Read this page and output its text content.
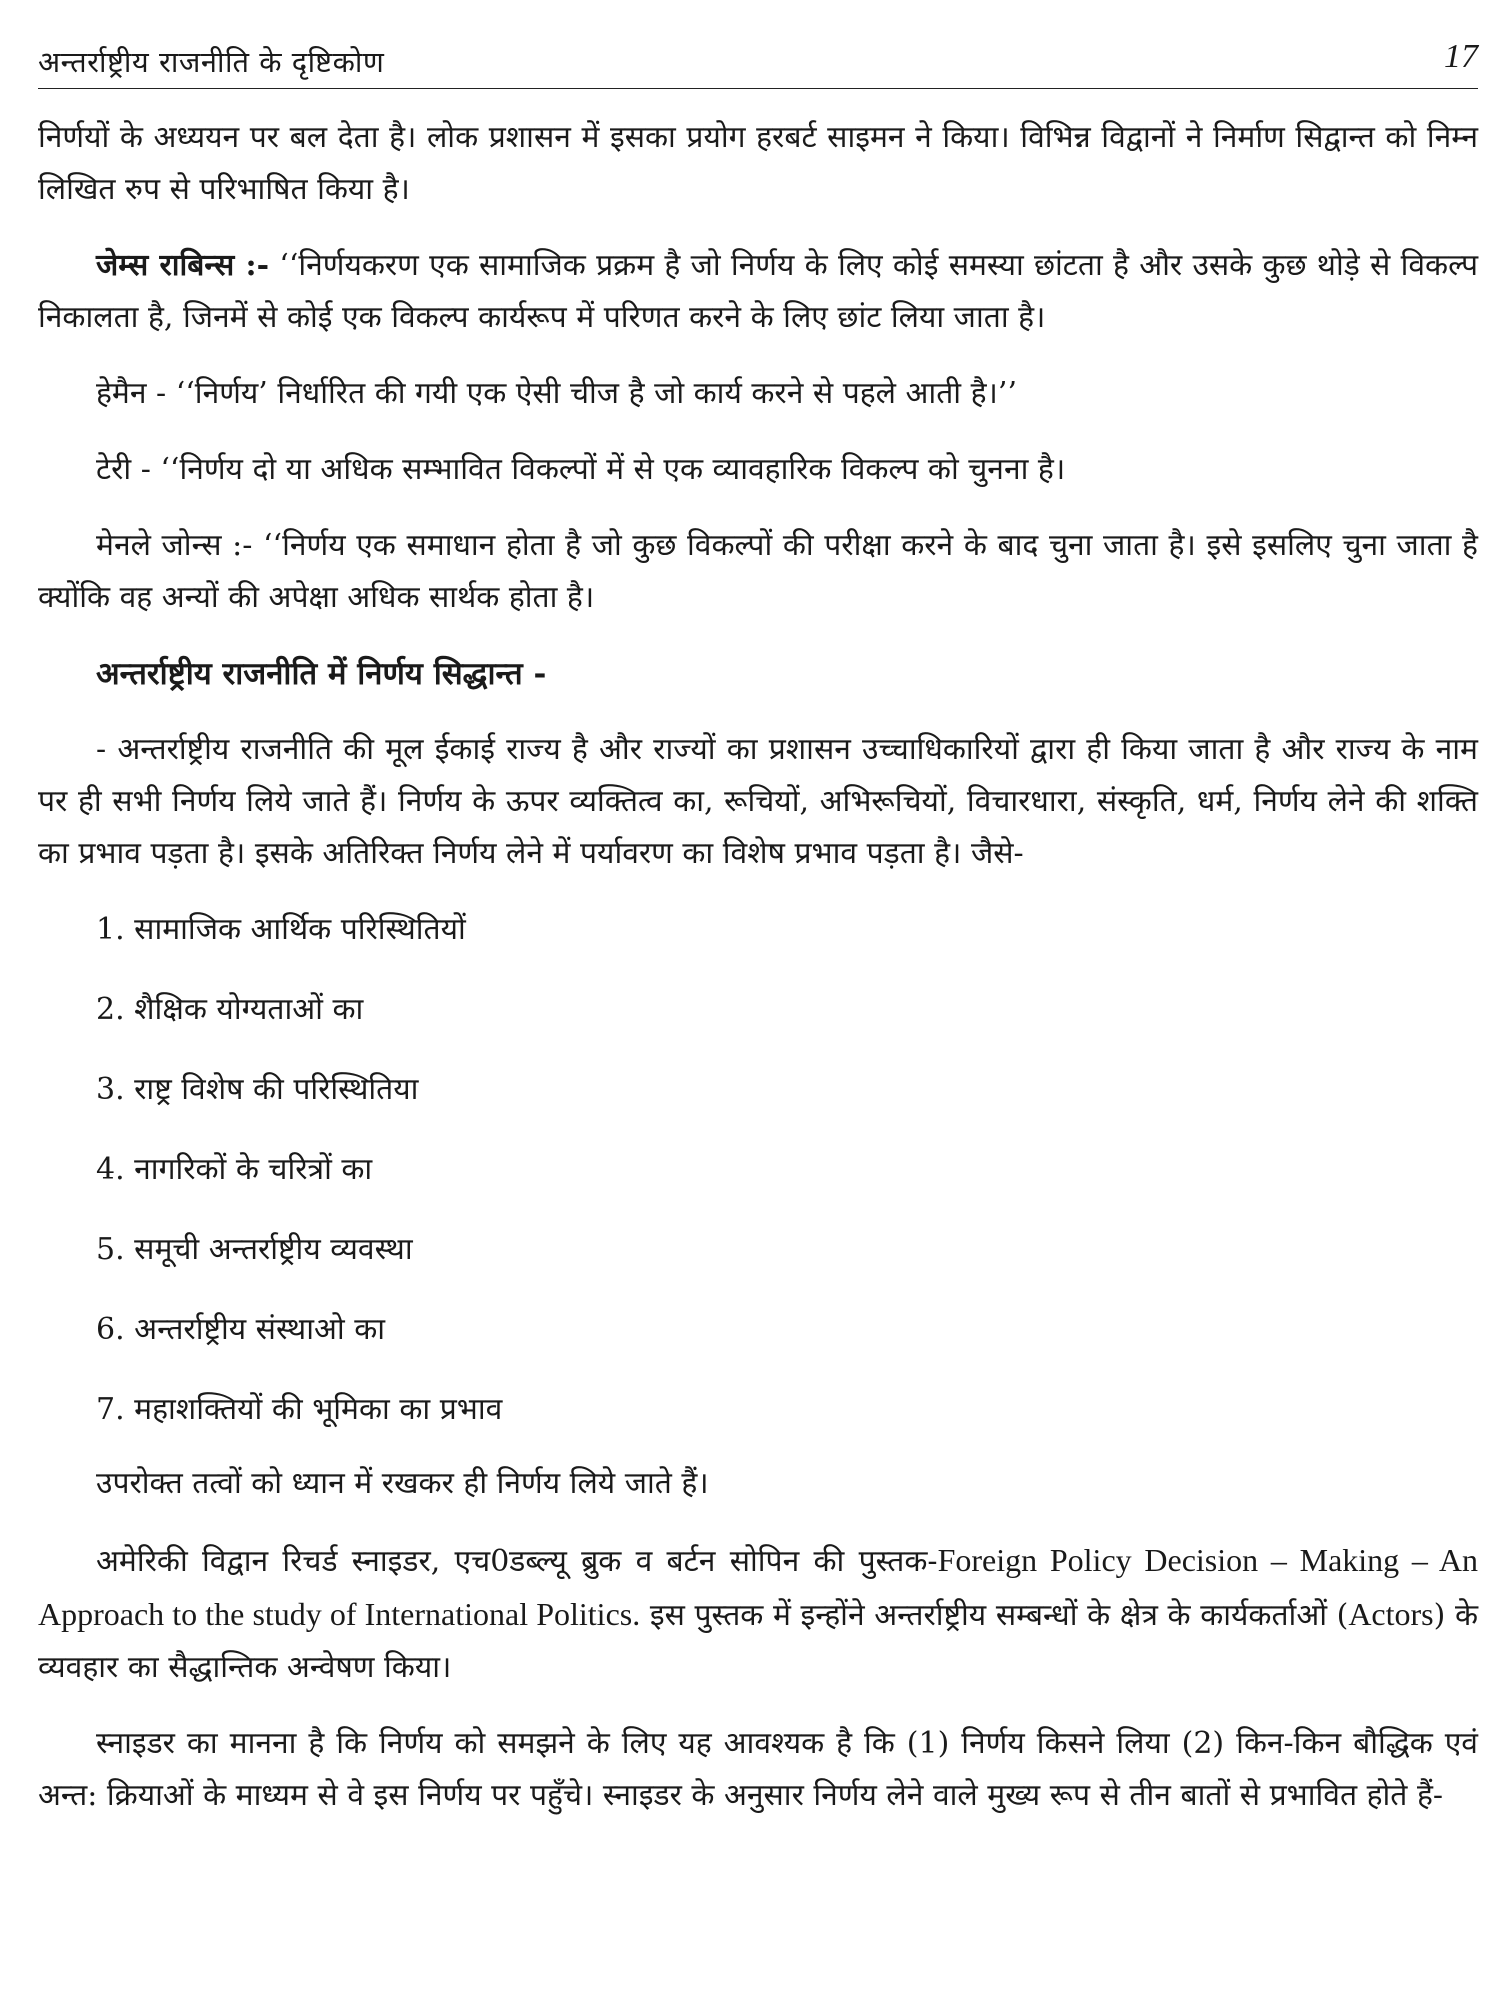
अन्तर्राष्ट्रीय राजनीति के दृष्टिकोण	17

निर्णयों के अध्ययन पर बल देता है। लोक प्रशासन में इसका प्रयोग हरबर्ट साइमन ने किया। विभिन्न विद्वानों ने निर्माण सिद्वान्त को निम्न लिखित रुप से परिभाषित किया है।

जेम्स राबिन्स :- ‘‘निर्णयकरण एक सामाजिक प्रक्रम है जो निर्णय के लिए कोई समस्या छांटता है और उसके कुछ थोड़े से विकल्प निकालता है, जिनमें से कोई एक विकल्प कार्यरूप में परिणत करने के लिए छांट लिया जाता है।

हेमैन - ‘‘निर्णय’ निर्धारित की गयी एक ऐसी चीज है जो कार्य करने से पहले आती है।’’

टेरी - ‘‘निर्णय दो या अधिक सम्भावित विकल्पों में से एक व्यावहारिक विकल्प को चुनना है।

मेनले जोन्स :- ‘‘निर्णय एक समाधान होता है जो कुछ विकल्पों की परीक्षा करने के बाद चुना जाता है। इसे इसलिए चुना जाता है क्योंकि वह अन्यों की अपेक्षा अधिक सार्थक होता है।

अन्तर्राष्ट्रीय राजनीति में निर्णय सिद्धान्त -

- अन्तर्राष्ट्रीय राजनीति की मूल ईकाई राज्य है और राज्यों का प्रशासन उच्चाधिकारियों द्वारा ही किया जाता है और राज्य के नाम पर ही सभी निर्णय लिये जाते हैं। निर्णय के ऊपर व्यक्तित्व का, रूचियों, अभिरूचियों, विचारधारा, संस्कृति, धर्म, निर्णय लेने की शक्ति का प्रभाव पड़ता है। इसके अतिरिक्त निर्णय लेने में पर्यावरण का विशेष प्रभाव पड़ता है। जैसे-

1. सामाजिक आर्थिक परिस्थितियों
2. शैक्षिक योग्यताओं का
3. राष्ट्र विशेष की परिस्थितिया
4. नागरिकों के चरित्रों का
5. समूची अन्तर्राष्ट्रीय व्यवस्था
6. अन्तर्राष्ट्रीय संस्थाओ का
7. महाशक्तियों की भूमिका का प्रभाव

उपरोक्त तत्वों को ध्यान में रखकर ही निर्णय लिये जाते हैं।

अमेरिकी विद्वान रिचर्ड स्नाइडर, एच0डब्ल्यू ब्रुक व बर्टन सोपिन की पुस्तक-Foreign Policy Decision – Making – An Approach to the study of International Politics. इस पुस्तक में इन्होंने अन्तर्राष्ट्रीय सम्बन्धों के क्षेत्र के कार्यकर्ताओं (Actors) के व्यवहार का सैद्धान्तिक अन्वेषण किया।

स्नाइडर का मानना है कि निर्णय को समझने के लिए यह आवश्यक है कि (1) निर्णय किसने लिया (2) किन-किन बौद्धिक एवं अन्त: क्रियाओं के माध्यम से वे इस निर्णय पर पहुँचे। स्नाइडर के अनुसार निर्णय लेने वाले मुख्य रूप से तीन बातों से प्रभावित होते हैं-
